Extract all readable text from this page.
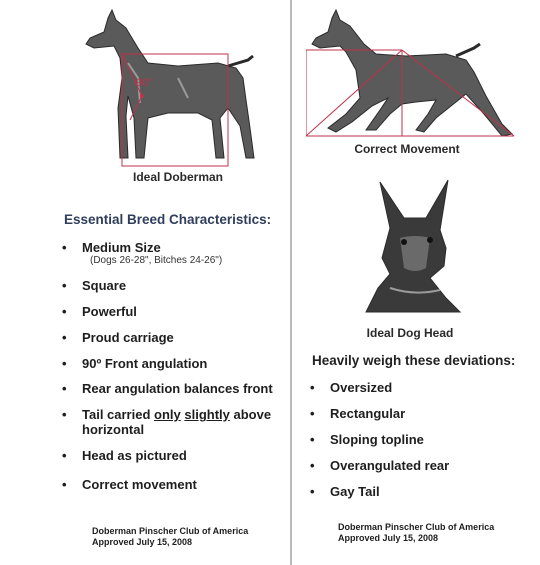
90°
Ideal Doberman
Essential Breed Characteristics:
• Medium Size
(Dogs 26-28", Bitches 24-26")
• Square
• Powerful
• Proud carriage
• 90º Front angulation
• Rear angulation balances front
• Tail carried only slightly above
horizontal
• Head as pictured
• Correct movement
Doberman Pinscher Club of America
Approved July 15, 2008
Correct Movement
Ideal Dog Head
Heavily weigh these deviations:
• Oversized
• Rectangular
• Sloping topline
• Overangulated rear
• Gay Tail
Doberman Pinscher Club of America
Approved July 15, 2008
